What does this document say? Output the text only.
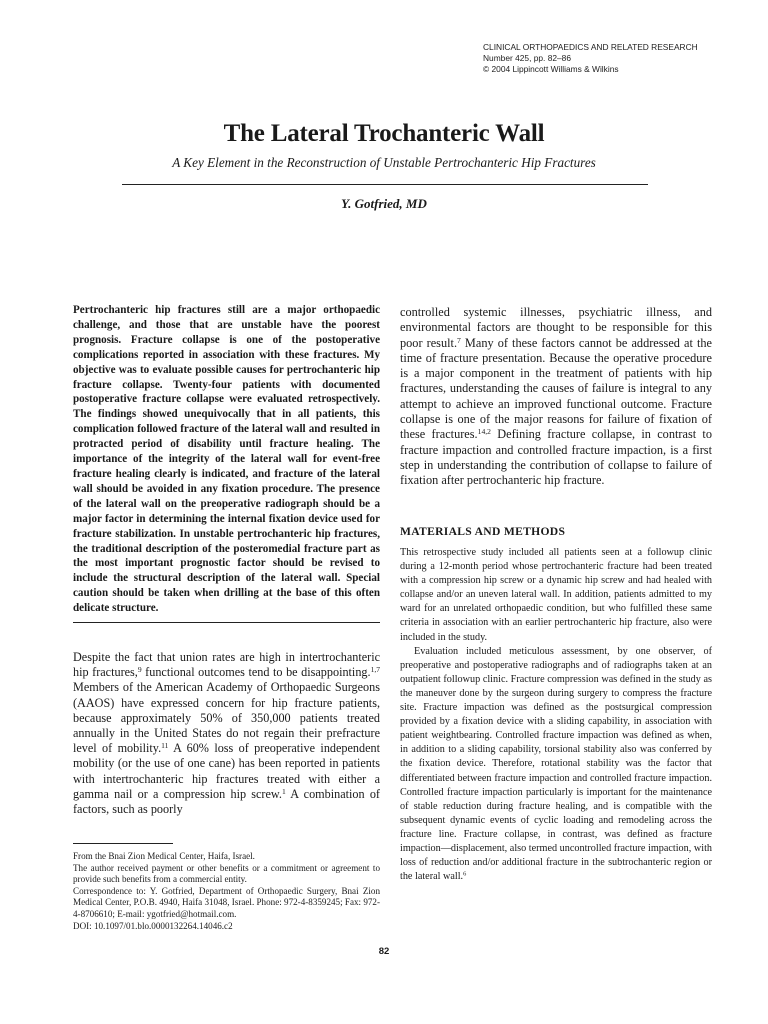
CLINICAL ORTHOPAEDICS AND RELATED RESEARCH
Number 425, pp. 82–86
© 2004 Lippincott Williams & Wilkins
The Lateral Trochanteric Wall
A Key Element in the Reconstruction of Unstable Pertrochanteric Hip Fractures
Y. Gotfried, MD
Pertrochanteric hip fractures still are a major orthopaedic challenge, and those that are unstable have the poorest prognosis. Fracture collapse is one of the postoperative complications reported in association with these fractures. My objective was to evaluate possible causes for pertrochanteric hip fracture collapse. Twenty-four patients with documented postoperative fracture collapse were evaluated retrospectively. The findings showed unequivocally that in all patients, this complication followed fracture of the lateral wall and resulted in protracted period of disability until fracture healing. The importance of the integrity of the lateral wall for event-free fracture healing clearly is indicated, and fracture of the lateral wall should be avoided in any fixation procedure. The presence of the lateral wall on the preoperative radiograph should be a major factor in determining the internal fixation device used for fracture stabilization. In unstable pertrochanteric hip fractures, the traditional description of the posteromedial fracture part as the most important prognostic factor should be revised to include the structural description of the lateral wall. Special caution should be taken when drilling at the base of this often delicate structure.
Despite the fact that union rates are high in intertrochanteric hip fractures,$^9$ functional outcomes tend to be disappointing.$^{1,7}$ Members of the American Academy of Orthopaedic Surgeons (AAOS) have expressed concern for hip fracture patients, because approximately 50% of 350,000 patients treated annually in the United States do not regain their prefracture level of mobility.$^{11}$ A 60% loss of preoperative independent mobility (or the use of one cane) has been reported in patients with intertrochanteric hip fractures treated with either a gamma nail or a compression hip screw.$^1$ A combination of factors, such as poorly
From the Bnai Zion Medical Center, Haifa, Israel.
The author received payment or other benefits or a commitment or agreement to provide such benefits from a commercial entity.
Correspondence to: Y. Gotfried, Department of Orthopaedic Surgery, Bnai Zion Medical Center, P.O.B. 4940, Haifa 31048, Israel. Phone: 972-4-8359245; Fax: 972-4-8706610; E-mail: ygotfried@hotmail.com.
DOI: 10.1097/01.blo.0000132264.14046.c2
controlled systemic illnesses, psychiatric illness, and environmental factors are thought to be responsible for this poor result.$^7$ Many of these factors cannot be addressed at the time of fracture presentation. Because the operative procedure is a major component in the treatment of patients with hip fractures, understanding the causes of failure is integral to any attempt to achieve an improved functional outcome. Fracture collapse is one of the major reasons for failure of fixation of these fractures.$^{14,2}$ Defining fracture collapse, in contrast to fracture impaction and controlled fracture impaction, is a first step in understanding the contribution of collapse to failure of fixation after pertrochanteric hip fracture.
MATERIALS AND METHODS

This retrospective study included all patients seen at a followup clinic during a 12-month period whose pertrochanteric fracture had been treated with a compression hip screw or a dynamic hip screw and had healed with collapse and/or an uneven lateral wall. In addition, patients admitted to my ward for an unrelated orthopaedic condition, but who fulfilled these same criteria in association with an earlier pertrochanteric hip fracture, also were included in the study.

Evaluation included meticulous assessment, by one observer, of preoperative and postoperative radiographs and of radiographs taken at an outpatient followup clinic. Fracture compression was defined in the study as the maneuver done by the surgeon during surgery to compress the fracture site. Fracture impaction was defined as the postsurgical compression provided by a fixation device with a sliding capability, in association with patient weightbearing. Controlled fracture impaction was defined as when, in addition to a sliding capability, torsional stability also was conferred by the fixation device. Therefore, rotational stability was the factor that differentiated between fracture impaction and controlled fracture impaction. Controlled fracture impaction particularly is important for the maintenance of stable reduction during fracture healing, and is compatible with the subsequent dynamic events of cyclic loading and remodeling across the fracture line. Fracture collapse, in contrast, was defined as fracture impaction—displacement, also termed uncontrolled fracture impaction, with loss of reduction and/or additional fracture in the subtrochanteric region or the lateral wall.$^6$

82
